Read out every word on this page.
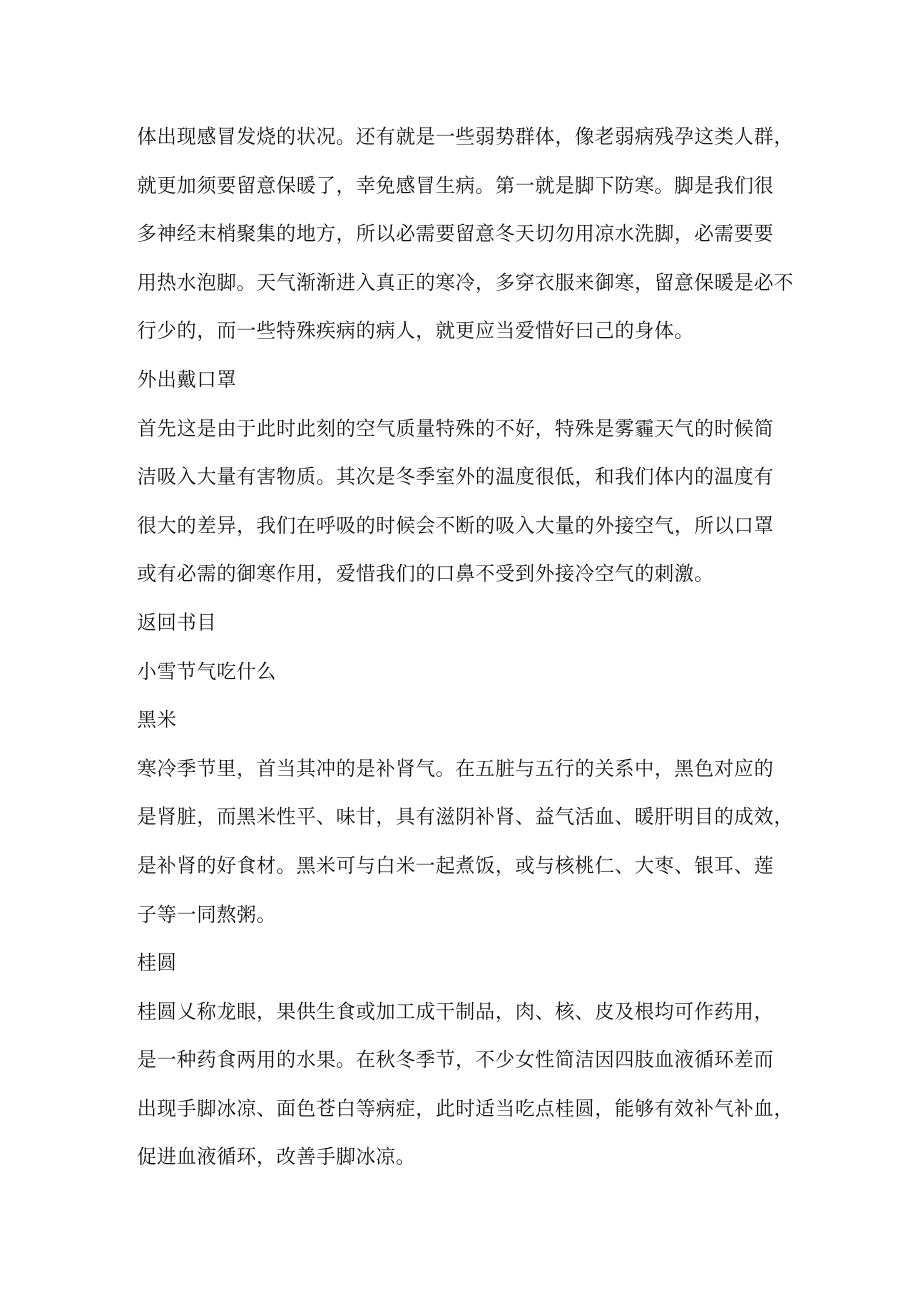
体出现感冒发烧的状况。还有就是一些弱势群体，像老弱病残孕这类人群，
就更加须要留意保暖了，幸免感冒生病。第一就是脚下防寒。脚是我们很
多神经末梢聚集的地方，所以必需要留意冬天切勿用凉水洗脚，必需要要
用热水泡脚。天气渐渐进入真正的寒冷，多穿衣服来御寒，留意保暖是必不
行少的，而一些特殊疾病的病人，就更应当爱惜好曰己的身体。
外出戴口罩
首先这是由于此时此刻的空气质量特殊的不好，特殊是雾霾天气的时候简
洁吸入大量有害物质。其次是冬季室外的温度很低，和我们体内的温度有
很大的差异，我们在呼吸的时候会不断的吸入大量的外接空气，所以口罩
或有必需的御寒作用，爱惜我们的口鼻不受到外接冷空气的刺激。
返回书目
小雪节气吃什么
黑米
寒冷季节里，首当其冲的是补肾气。在五脏与五行的关系中，黑色对应的
是肾脏，而黑米性平、味甘，具有滋阴补肾、益气活血、暖肝明目的成效，
是补肾的好食材。黑米可与白米一起煮饭，或与核桃仁、大枣、银耳、莲
子等一同熬粥。
桂圆
桂圆乂称龙眼，果供生食或加工成干制品，肉、核、皮及根均可作药用，
是一种药食两用的水果。在秋冬季节，不少女性简洁因四肢血液循环差而
出现手脚冰凉、面色苍白等病症，此时适当吃点桂圆，能够有效补气补血，
促进血液循环，改善手脚冰凉。
